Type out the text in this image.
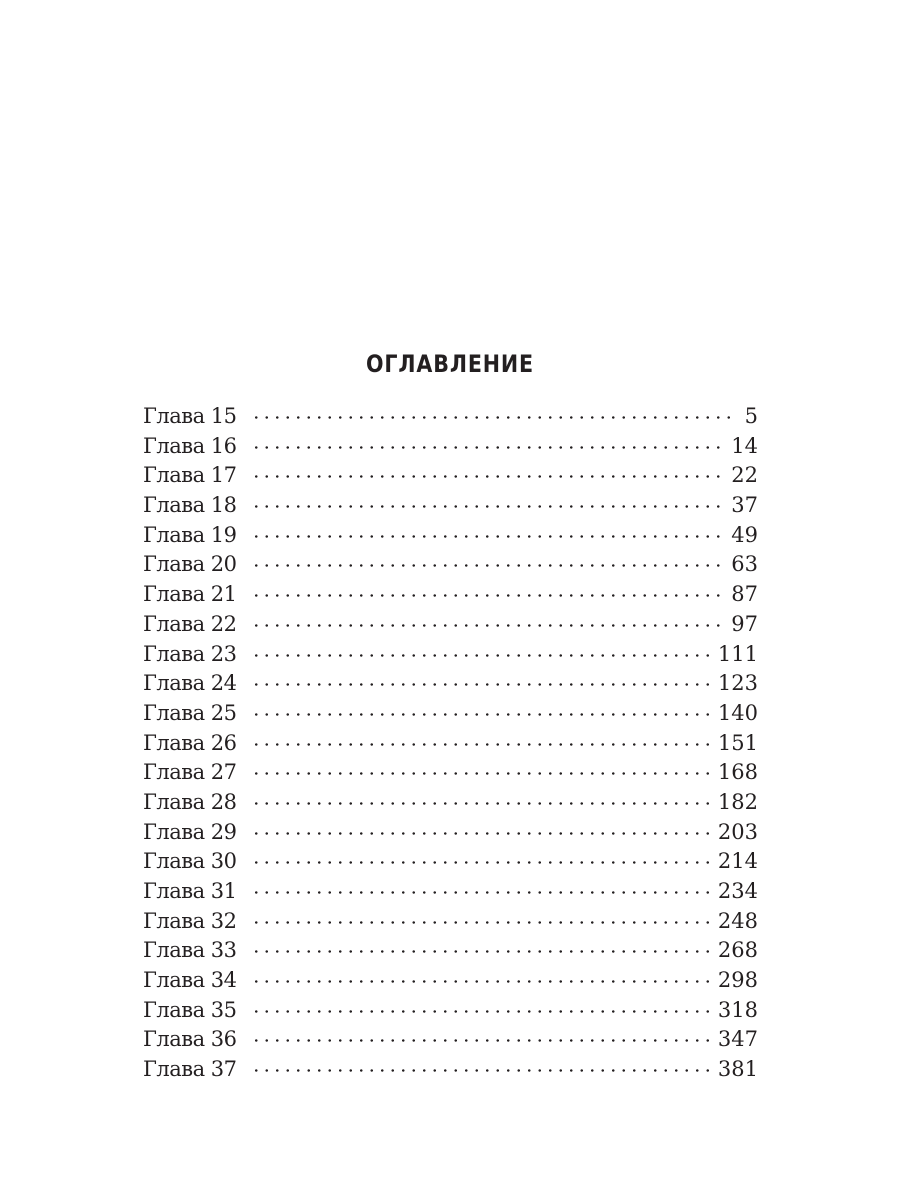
ОГЛАВЛЕНИЕ
Глава 15	5
Глава 16	14
Глава 17	22
Глава 18	37
Глава 19	49
Глава 20	63
Глава 21	87
Глава 22	97
Глава 23	111
Глава 24	123
Глава 25	140
Глава 26	151
Глава 27	168
Глава 28	182
Глава 29	203
Глава 30	214
Глава 31	234
Глава 32	248
Глава 33	268
Глава 34	298
Глава 35	318
Глава 36	347
Глава 37	381
